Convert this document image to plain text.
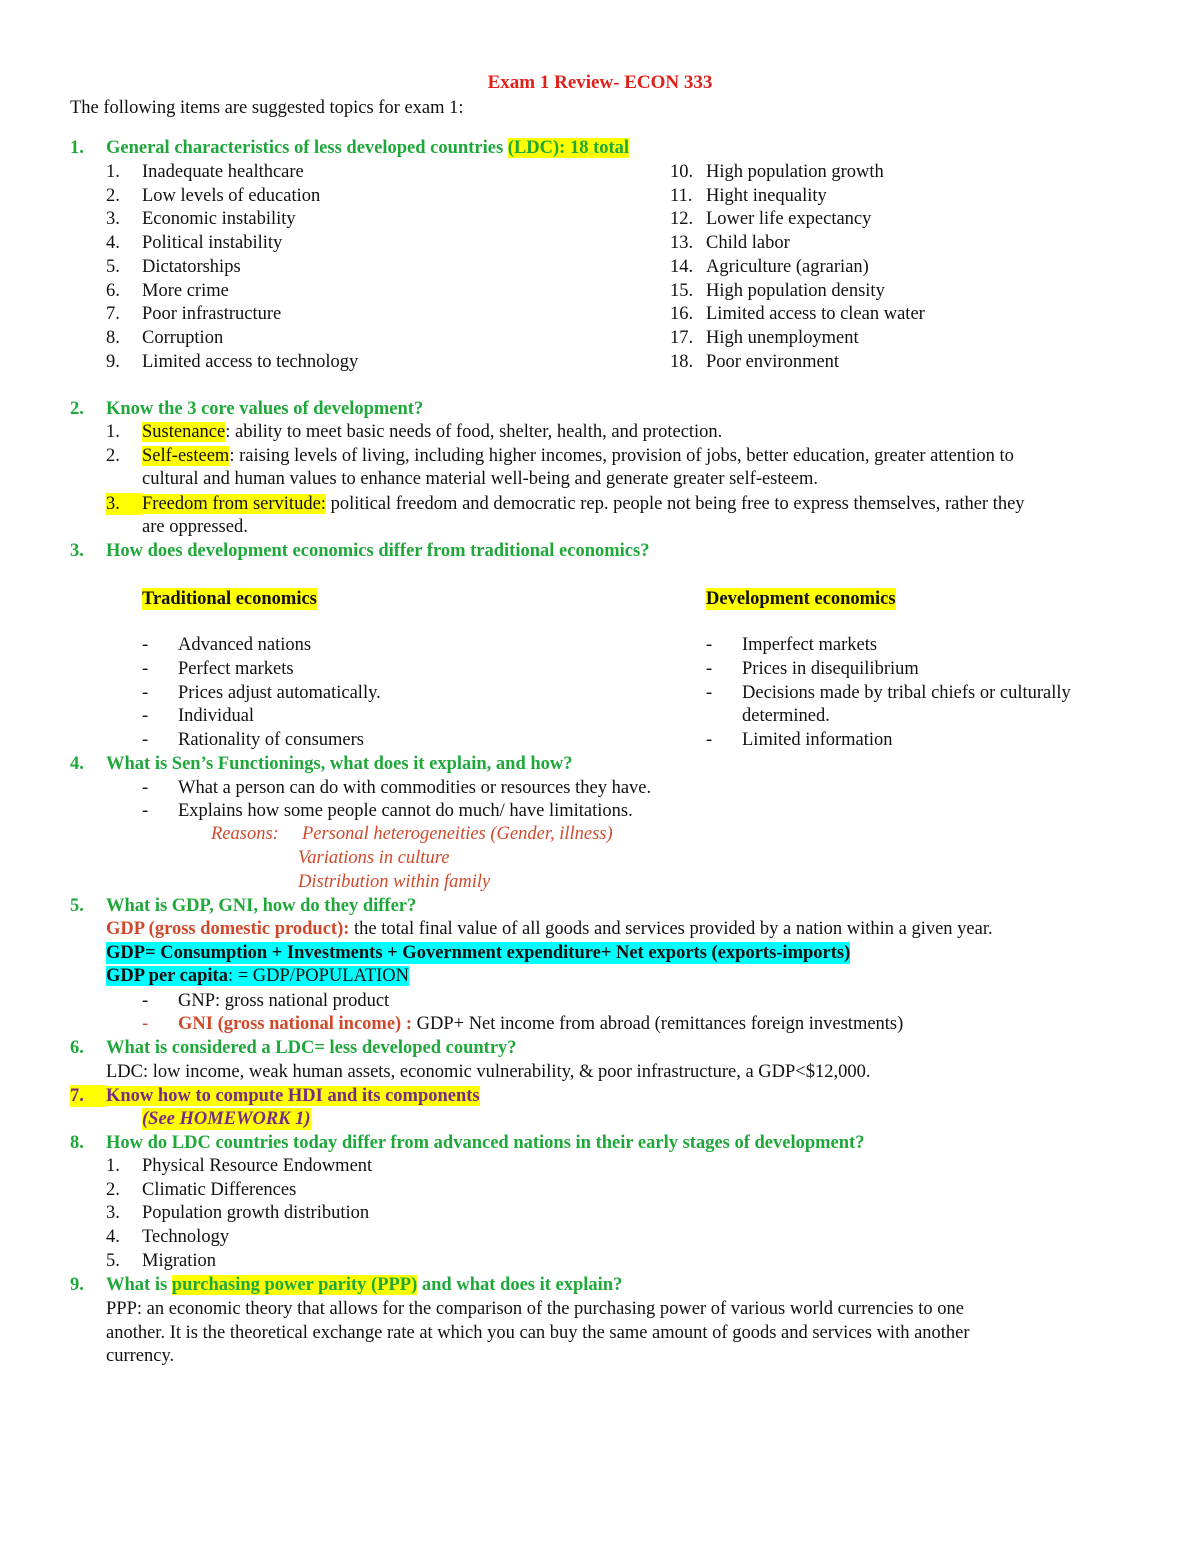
Exam 1 Review- ECON 333
The following items are suggested topics for exam 1:
1. General characteristics of less developed countries (LDC): 18 total
1. Inadequate healthcare
2. Low levels of education
3. Economic instability
4. Political instability
5. Dictatorships
6. More crime
7. Poor infrastructure
8. Corruption
9. Limited access to technology
10. High population growth
11. Hight inequality
12. Lower life expectancy
13. Child labor
14. Agriculture (agrarian)
15. High population density
16. Limited access to clean water
17. High unemployment
18. Poor environment
2. Know the 3 core values of development?
1. Sustenance: ability to meet basic needs of food, shelter, health, and protection.
2. Self-esteem: raising levels of living, including higher incomes, provision of jobs, better education, greater attention to
cultural and human values to enhance material well-being and generate greater self-esteem.
3. Freedom from servitude: political freedom and democratic rep. people not being free to express themselves, rather they
are oppressed.
3. How does development economics differ from traditional economics?
Traditional economics	Development economics
- Advanced nations
- Perfect markets
- Prices adjust automatically.
- Individual
- Rationality of consumers
- Imperfect markets
- Prices in disequilibrium
- Decisions made by tribal chiefs or culturally
determined.
- Limited information
4. What is Sen’s Functionings, what does it explain, and how?
- What a person can do with commodities or resources they have.
- Explains how some people cannot do much/ have limitations.
Reasons: Personal heterogeneities (Gender, illness)
Variations in culture
Distribution within family
5. What is GDP, GNI, how do they differ?
GDP (gross domestic product): the total final value of all goods and services provided by a nation within a given year.
GDP= Consumption + Investments + Government expenditure+ Net exports (exports-imports)
GDP per capita: = GDP/POPULATION
- GNP: gross national product
- GNI (gross national income) : GDP+ Net income from abroad (remittances foreign investments)
6. What is considered a LDC= less developed country?
LDC: low income, weak human assets, economic vulnerability, & poor infrastructure, a GDP<$12,000.
7. Know how to compute HDI and its components
(See HOMEWORK 1)
8. How do LDC countries today differ from advanced nations in their early stages of development?
1. Physical Resource Endowment
2. Climatic Differences
3. Population growth distribution
4. Technology
5. Migration
9. What is purchasing power parity (PPP) and what does it explain?
PPP: an economic theory that allows for the comparison of the purchasing power of various world currencies to one
another. It is the theoretical exchange rate at which you can buy the same amount of goods and services with another
currency.
